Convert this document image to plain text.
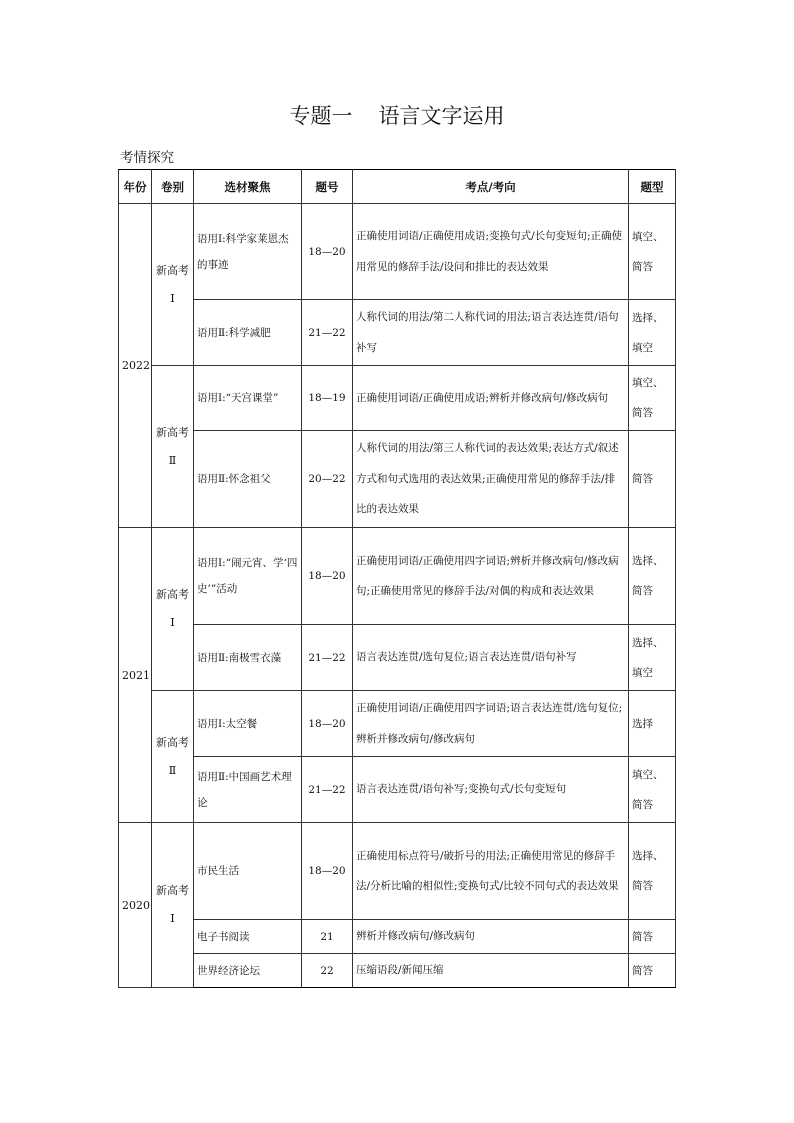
专题一 语言文字运用
考情探究
年份	卷别	选材聚焦	题号	考点/考向	题型
2022	新高考Ⅰ	语用Ⅰ:科学家莱恩杰的事迹	18—20	正确使用词语/正确使用成语;变换句式/长句变短句;正确使用常见的修辞手法/设问和排比的表达效果	填空、简答
		语用Ⅱ:科学减肥	21—22	人称代词的用法/第二人称代词的用法;语言表达连贯/语句补写	选择、填空
	新高考Ⅱ	语用Ⅰ:“天宫课堂”	18—19	正确使用词语/正确使用成语;辨析并修改病句/修改病句	填空、简答
		语用Ⅱ:怀念祖父	20—22	人称代词的用法/第三人称代词的表达效果;表达方式/叙述方式和句式选用的表达效果;正确使用常见的修辞手法/排比的表达效果	简答
2021	新高考Ⅰ	语用Ⅰ:“闹元宵、学‘四史’”活动	18—20	正确使用词语/正确使用四字词语;辨析并修改病句/修改病句;正确使用常见的修辞手法/对偶的构成和表达效果	选择、简答
		语用Ⅱ:南极雪衣藻	21—22	语言表达连贯/选句复位;语言表达连贯/语句补写	选择、填空
	新高考Ⅱ	语用Ⅰ:太空餐	18—20	正确使用词语/正确使用四字词语;语言表达连贯/选句复位;辨析并修改病句/修改病句	选择
		语用Ⅱ:中国画艺术理论	21—22	语言表达连贯/语句补写;变换句式/长句变短句	填空、简答
2020	新高考Ⅰ	市民生活	18—20	正确使用标点符号/破折号的用法;正确使用常见的修辞手法/分析比喻的相似性;变换句式/比较不同句式的表达效果	选择、简答
		电子书阅读	21	辨析并修改病句/修改病句	简答
		世界经济论坛	22	压缩语段/新闻压缩	简答
